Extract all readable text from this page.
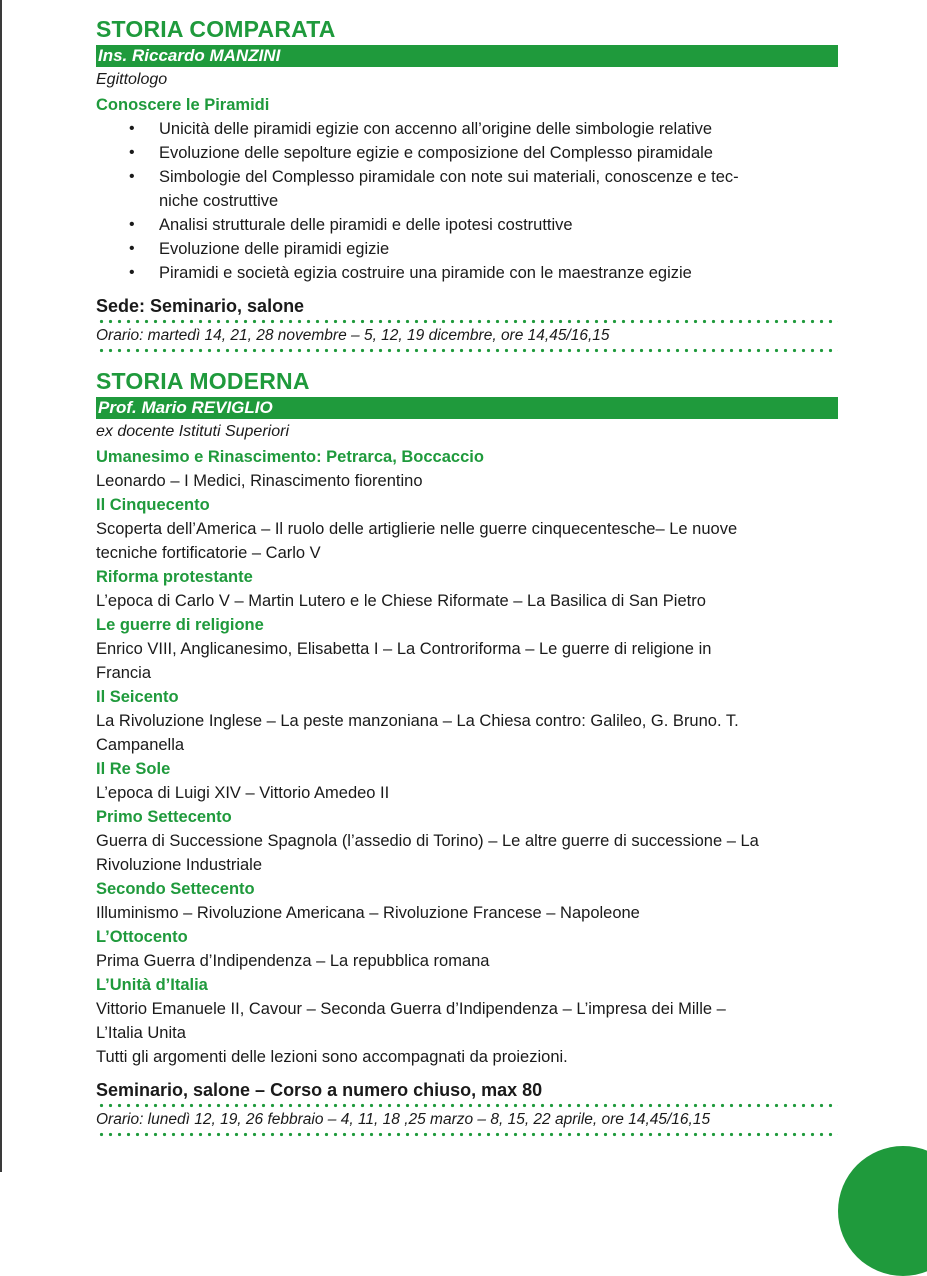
STORIA COMPARATA
Ins. Riccardo MANZINI

Egittologo

Conoscere le Piramidi

• Unicità delle piramidi egizie con accenno all’origine delle simbologie relative
• Evoluzione delle sepolture egizie e composizione del Complesso piramidale
• Simbologie del Complesso piramidale con note sui materiali, conoscenze e tec-
niche costruttive
• Analisi strutturale delle piramidi e delle ipotesi costruttive
• Evoluzione delle piramidi egizie
• Piramidi e società egizia costruire una piramide con le maestranze egizie

Sede: Seminario, salone

Orario: martedì 14, 21, 28 novembre – 5, 12, 19 dicembre, ore 14,45/16,15

STORIA MODERNA
Prof. Mario REVIGLIO

ex docente Istituti Superiori

Umanesimo e Rinascimento: Petrarca, Boccaccio

Leonardo – I Medici, Rinascimento fiorentino

Il Cinquecento

Scoperta dell’America – Il ruolo delle artiglierie nelle guerre cinquecentesche– Le nuove

tecniche fortificatorie – Carlo V

Riforma protestante

L’epoca di Carlo V – Martin Lutero e le Chiese Riformate – La Basilica di San Pietro

Le guerre di religione

Enrico VIII, Anglicanesimo, Elisabetta I – La Controriforma – Le guerre di religione in

Francia

Il Seicento

La Rivoluzione Inglese – La peste manzoniana – La Chiesa contro: Galileo, G. Bruno. T.

Campanella

Il Re Sole

L’epoca di Luigi XIV – Vittorio Amedeo II

Primo Settecento

Guerra di Successione Spagnola (l’assedio di Torino) – Le altre guerre di successione – La

Rivoluzione Industriale

Secondo Settecento

Illuminismo – Rivoluzione Americana – Rivoluzione Francese – Napoleone

L’Ottocento

Prima Guerra d’Indipendenza – La repubblica romana

L’Unità d’Italia

Vittorio Emanuele II, Cavour – Seconda Guerra d’Indipendenza – L’impresa dei Mille –

L’Italia Unita

Tutti gli argomenti delle lezioni sono accompagnati da proiezioni.

Seminario, salone – Corso a numero chiuso, max 80

Orario: lunedì 12, 19, 26 febbraio – 4, 11, 18 ,25 marzo – 8, 15, 22 aprile, ore 14,45/16,15
